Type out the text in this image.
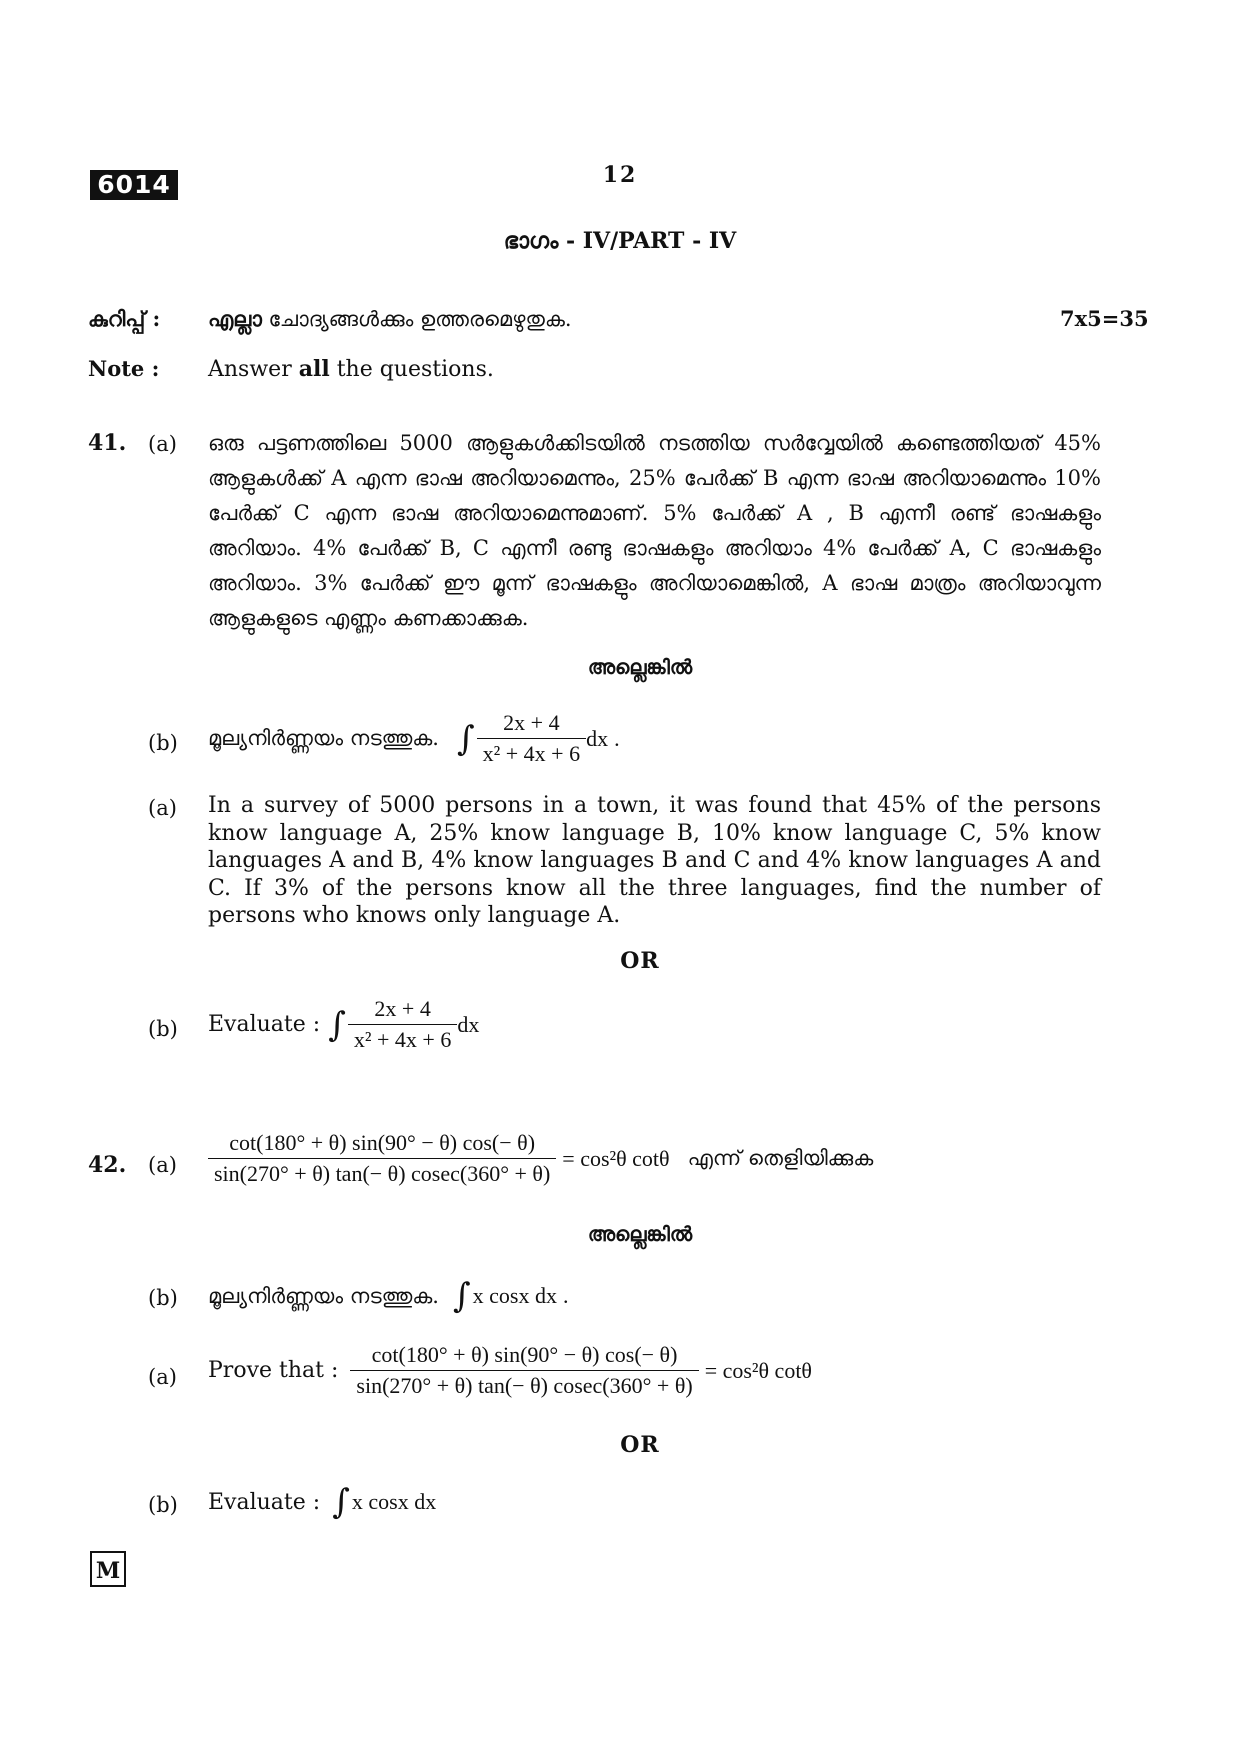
6014	12
ഭാഗം - IV/PART - IV
കുറിപ്പ് : എല്ലാ ചോദ്യങ്ങൾക്കും ഉത്തരമെഴുതുക.	7x5=35
Note : Answer all the questions.
41. (a) ഒരു പട്ടണത്തിലെ 5000 ആളുകൾക്കിടയിൽ നടത്തിയ സർവ്വേയിൽ കണ്ടെത്തിയത് 45% ആളുകൾക്ക് A എന്ന ഭാഷ അറിയാമെന്നും, 25% പേർക്ക് B എന്ന ഭാഷ അറിയാമെന്നും 10% പേർക്ക് C എന്ന ഭാഷ അറിയാമെന്നുമാണ്. 5% പേർക്ക് A , B എന്നീ രണ്ട് ഭാഷകളും അറിയാം. 4% പേർക്ക് B, C എന്നീ രണ്ടു ഭാഷകളും അറിയാം 4% പേർക്ക് A, C ഭാഷകളും അറിയാം. 3% പേർക്ക് ഈ മൂന്ന് ഭാഷകളും അറിയാമെങ്കിൽ, A ഭാഷ മാത്രം അറിയാവുന്ന ആളുകളുടെ എണ്ണം കണക്കാക്കുക.
അല്ലെങ്കിൽ
(b) മൂല്യനിർണ്ണയം നടത്തുക. ∫ $\frac{2x + 4}{\text{x² + 4x + 6}}$ dx .
(a) In a survey of 5000 persons in a town, it was found that 45% of the persons know language A, 25% know language B, 10% know language C, 5% know languages A and B, 4% know languages B and C and 4% know languages A and C. If 3% of the persons know all the three languages, find the number of persons who knows only language A.
OR
(b) Evaluate : ∫ $\frac{2x + 4}{\text{x² + 4x + 6}}$ dx
42. $(a) \frac{\cot(180^\circ + \theta) \sin(90^\circ - \theta) \cos(- \theta)}{\sin(270^\circ + \theta) \tan(- \theta) cosec(360^\circ + \theta)} = \cos^2\theta$ cotθ എന്ന് തെളിയിക്കുക
അല്ലെങ്കിൽ
(b) മൂല്യനിർണ്ണയം നടത്തുക. ∫ x cosx dx .
(a) Prove that : $\frac{\cot(180^\circ + \theta) \sin(90^\circ - \theta) \cos(- \theta)}{\sin(270^\circ + \theta) \tan(- \theta) cosec(360^\circ + \theta)} = \cos^2\theta$ cotθ
OR
(b) Evaluate : ∫ x cosx dx
M
